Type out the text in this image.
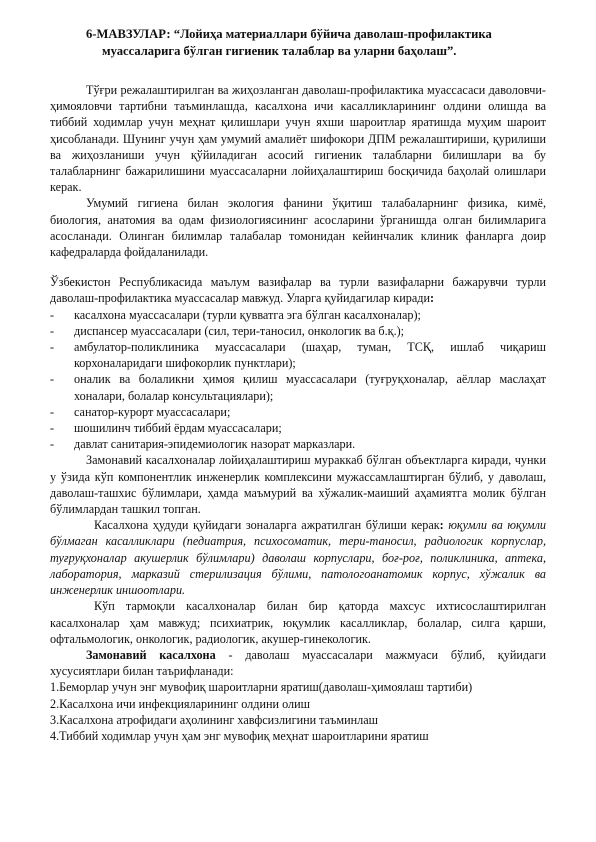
6-МАВЗУЛАР: “Лойиҳа материаллари бўйича даволаш-профилактика
муассаларига бўлган гигиеник талаблар ва уларни баҳолаш”.

Тўғри режалаштирилган ва жиҳозланган даволаш-профилактика муассасаси даволовчи-ҳимояловчи тартибни таъминлашда, касалхона ичи касалликларининг олдини олишда ва тиббий ходимлар учун меҳнат қилишлари учун яхши шароитлар яратишда муҳим шароит ҳисобланади. Шунинг учун ҳам умумий амалиёт шифокори ДПМ режалаштириши, қурилиши ва жиҳозланиши учун қўйиладиган асосий гигиеник талабларни билишлари ва бу талабларнинг бажарилишини муассасаларни лойиҳалаштириш босқичида баҳолай олишлари керак.

Умумий гигиена билан экология фанини ўқитиш талабаларнинг физика, кимё, биология, анатомия ва одам физиологиясининг асосларини ўрганишда олган билимларига асосланади. Олинган билимлар талабалар томонидан кейинчалик клиник фанларга доир кафедраларда фойдаланилади.

Ўзбекистон Республикасида маълум вазифалар ва турли вазифаларни бажарувчи турли даволаш-профилактика муассасалар мавжуд. Уларга қуйидагилар киради:

- касалхона муассасалари (турли қувватга эга бўлган касалхоналар);
- диспансер муассасалари (сил, тери-таносил, онкологик ва б.қ.);
- амбулатор-поликлиника муассасалари (шаҳар, туман, ТСҚ, ишлаб чиқариш корхоналаридаги шифокорлик пунктлари);
- оналик ва болаликни ҳимоя қилиш муассасалари (туғруқхоналар, аёллар маслаҳат хоналари, болалар консультациялари);
- санатор-курорт муассасалари;
- шошилинч тиббий ёрдам муассасалари;
- давлат санитария-эпидемиологик назорат марказлари.

Замонавий касалхоналар лойиҳалаштириш мураккаб бўлган объектларга киради, чунки у ўзида кўп компонентлик инженерлик комплексини мужассамлаштирган бўлиб, у даволаш, даволаш-ташхис бўлимлари, ҳамда маъмурий ва хўжалик-маиший аҳамиятга молик бўлган бўлимлардан ташкил топган.

Касалхона ҳудуди қуйидаги зоналарга ажратилган бўлиши керак: юқумли ва юқумли бўлмаган касалликлари (педиатрия, психосоматик, тери-таносил, радиологик корпуслар, туғруқхоналар акушерлик бўлимлари) даволаш корпуслари, боғ-роғ, поликлиника, аптека, лаборатория, марказий стерилизация бўлими, патологоанатомик корпус, хўжалик ва инженерлик иншоотлари.

Кўп тармоқли касалхоналар билан бир қаторда махсус ихтисослаштирилган касалхоналар ҳам мавжуд; психиатрик, юқумлик касалликлар, болалар, силга қарши, офтальмологик, онкологик, радиологик, акушер-гинекологик.

Замонавий касалхона - даволаш муассасалари мажмуаси бўлиб, қуйидаги хусусиятлари билан таърифланади:

1.Беморлар учун энг мувофиқ шароитларни яратиш(даволаш-ҳимоялаш тартиби)
2.Касалхона ичи инфекцияларининг олдини олиш
3.Касалхона атрофидаги аҳолининг хавфсизлигини таъминлаш
4.Тиббий ходимлар учун ҳам энг мувофиқ меҳнат шароитларини яратиш
